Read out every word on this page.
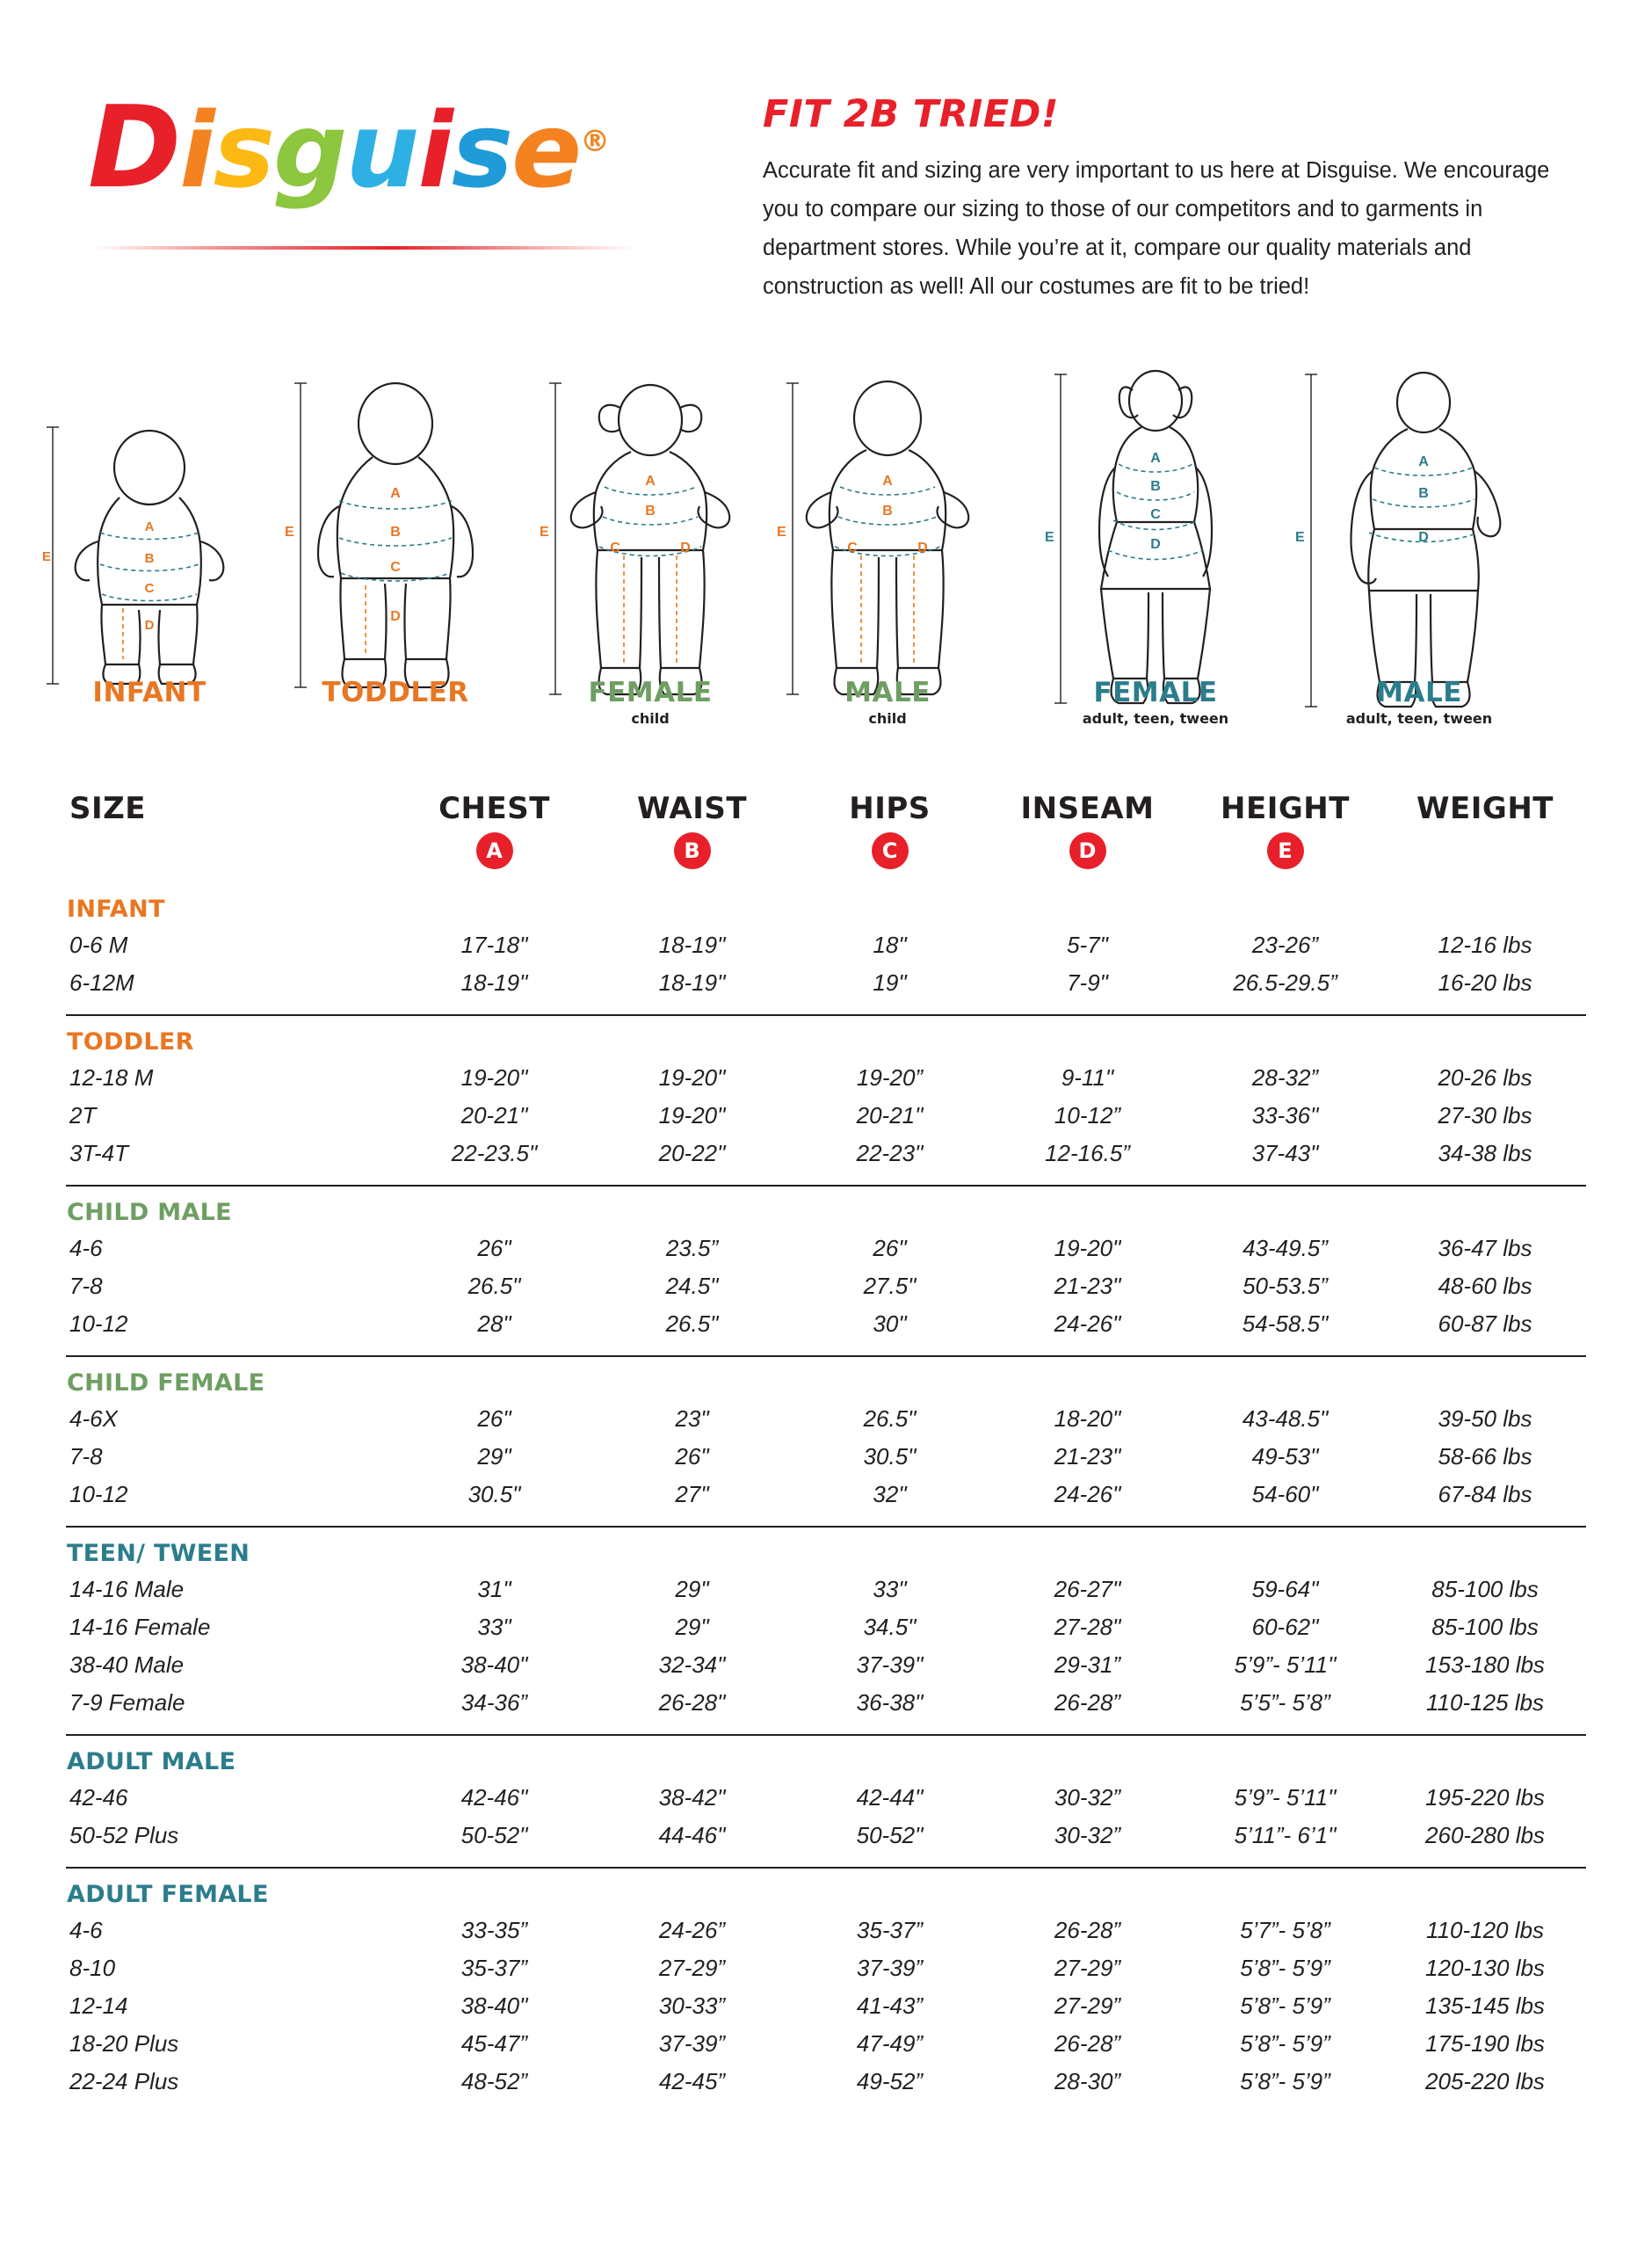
Disguise®
FIT 2B TRIED!
Accurate fit and sizing are very important to us here at Disguise. We encourage you to compare our sizing to those of our competitors and to garments in department stores. While you’re at it, compare our quality materials and construction as well! All our costumes are fit to be tried!
A
B
C
D
E
INFANT
A
B
C
D
E
TODDLER
A
B
C	D
E
FEMALE
child
A
B
C	D
E
MALE
child
A
B
C
D
E
FEMALE
adult, teen, tween
A
B
D
E
MALE
adult, teen, tween
SIZE	CHEST	WAIST	HIPS	INSEAM	HEIGHT	WEIGHT
	A	B	C	D	E	
INFANT						
0-6 M	17-18"	18-19"	18"	5-7"	23-26”	12-16 lbs
6-12M	18-19"	18-19"	19"	7-9"	26.5-29.5”	16-20 lbs

TODDLER						
12-18 M	19-20"	19-20"	19-20”	9-11"	28-32”	20-26 lbs
2T	20-21"	19-20"	20-21"	10-12”	33-36"	27-30 lbs
3T-4T	22-23.5"	20-22"	22-23"	12-16.5”	37-43"	34-38 lbs

CHILD MALE						
4-6	26"	23.5”	26"	19-20"	43-49.5”	36-47 lbs
7-8	26.5"	24.5"	27.5"	21-23"	50-53.5”	48-60 lbs
10-12	28"	26.5"	30"	24-26"	54-58.5"	60-87 lbs

CHILD FEMALE						
4-6X	26"	23"	26.5"	18-20"	43-48.5"	39-50 lbs
7-8	29"	26"	30.5"	21-23"	49-53"	58-66 lbs
10-12	30.5"	27"	32"	24-26"	54-60"	67-84 lbs

TEEN/ TWEEN						
14-16 Male	31"	29"	33"	26-27"	59-64"	85-100 lbs
14-16 Female	33"	29"	34.5"	27-28"	60-62"	85-100 lbs
38-40 Male	38-40"	32-34"	37-39"	29-31”	5’9”- 5’11"	153-180 lbs
7-9 Female	34-36”	26-28"	36-38"	26-28”	5’5”- 5’8”	110-125 lbs

ADULT MALE						
42-46	42-46"	38-42"	42-44"	30-32”	5’9”- 5’11"	195-220 lbs
50-52 Plus	50-52"	44-46"	50-52"	30-32”	5’11”- 6’1"	260-280 lbs

ADULT FEMALE						
4-6	33-35”	24-26”	35-37”	26-28”	5’7”- 5’8”	110-120 lbs
8-10	35-37”	27-29”	37-39”	27-29”	5’8”- 5’9”	120-130 lbs
12-14	38-40"	30-33”	41-43”	27-29”	5’8”- 5’9”	135-145 lbs
18-20 Plus	45-47”	37-39”	47-49”	26-28”	5’8”- 5’9”	175-190 lbs
22-24 Plus	48-52”	42-45”	49-52”	28-30”	5’8”- 5’9”	205-220 lbs
